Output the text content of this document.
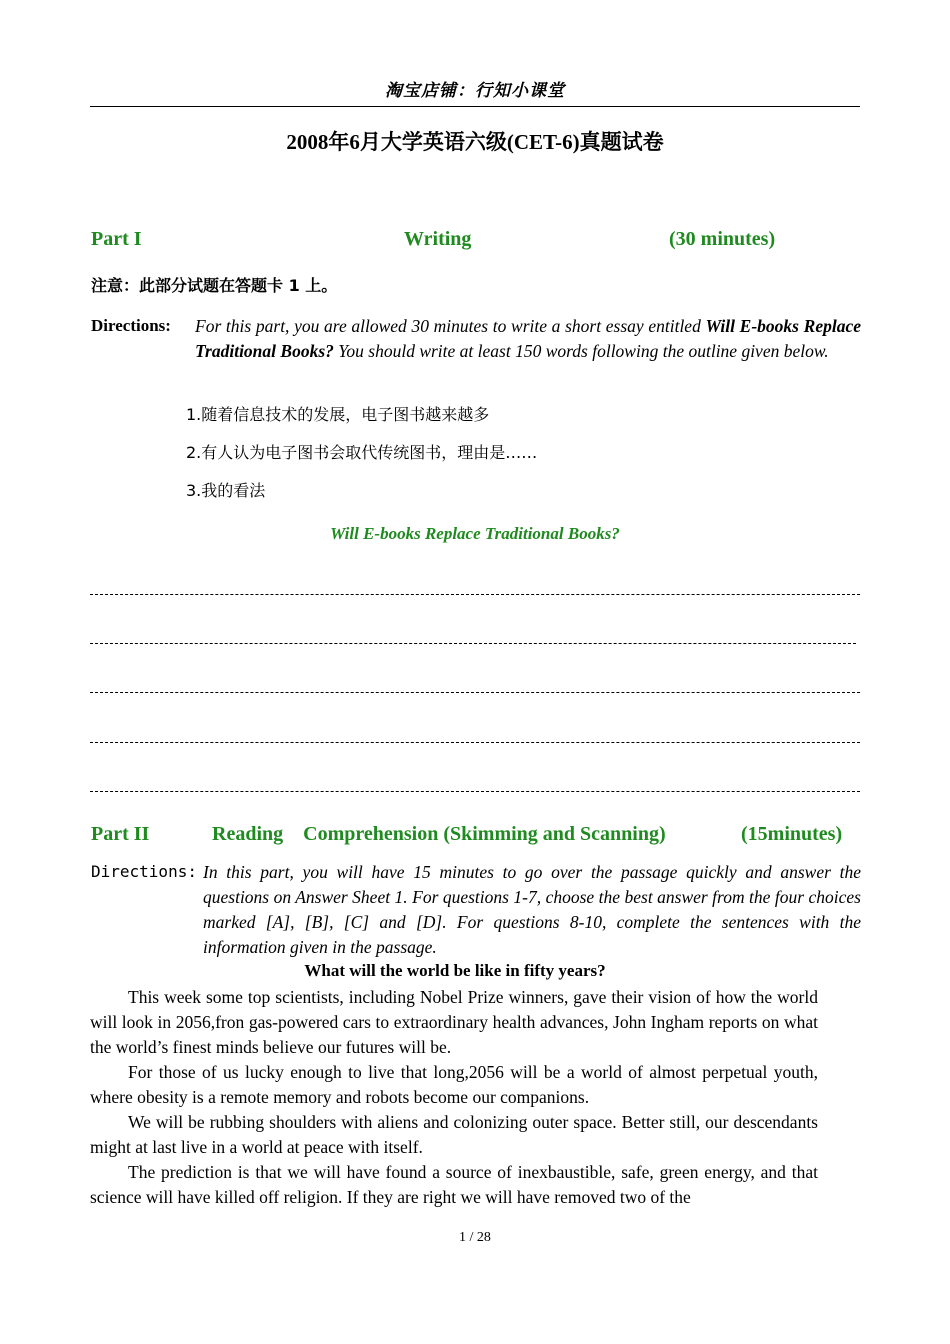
淘宝店铺：行知小课堂
2008年6月大学英语六级(CET-6)真题试卷
Part I	Writing	(30 minutes)
注意：此部分试题在答题卡 1 上。
Directions: For this part, you are allowed 30 minutes to write a short essay entitled Will E-books Replace Traditional Books? You should write at least 150 words following the outline given below.
1.随着信息技术的发展，电子图书越来越多
2.有人认为电子图书会取代传统图书，理由是……
3.我的看法
Will E-books Replace Traditional Books?
Part II	Reading    Comprehension (Skimming and Scanning)	(15minutes)
Directions: In this part, you will have 15 minutes to go over the passage quickly and answer the questions on Answer Sheet 1. For questions 1-7, choose the best answer from the four choices marked [A], [B], [C] and [D]. For questions 8-10, complete the sentences with the information given in the passage.
What will the world be like in fifty years?

This week some top scientists, including Nobel Prize winners, gave their vision of how the world will look in 2056,fron gas-powered cars to extraordinary health advances, John Ingham reports on what the world’s finest minds believe our futures will be.

For those of us lucky enough to live that long,2056 will be a world of almost perpetual youth, where obesity is a remote memory and robots become our companions.

We will be rubbing shoulders with aliens and colonizing outer space. Better still, our descendants might at last live in a world at peace with itself.

The prediction is that we will have found a source of inexbaustible, safe, green energy, and that science will have killed off religion. If they are right we will have removed two of the

1 / 28
